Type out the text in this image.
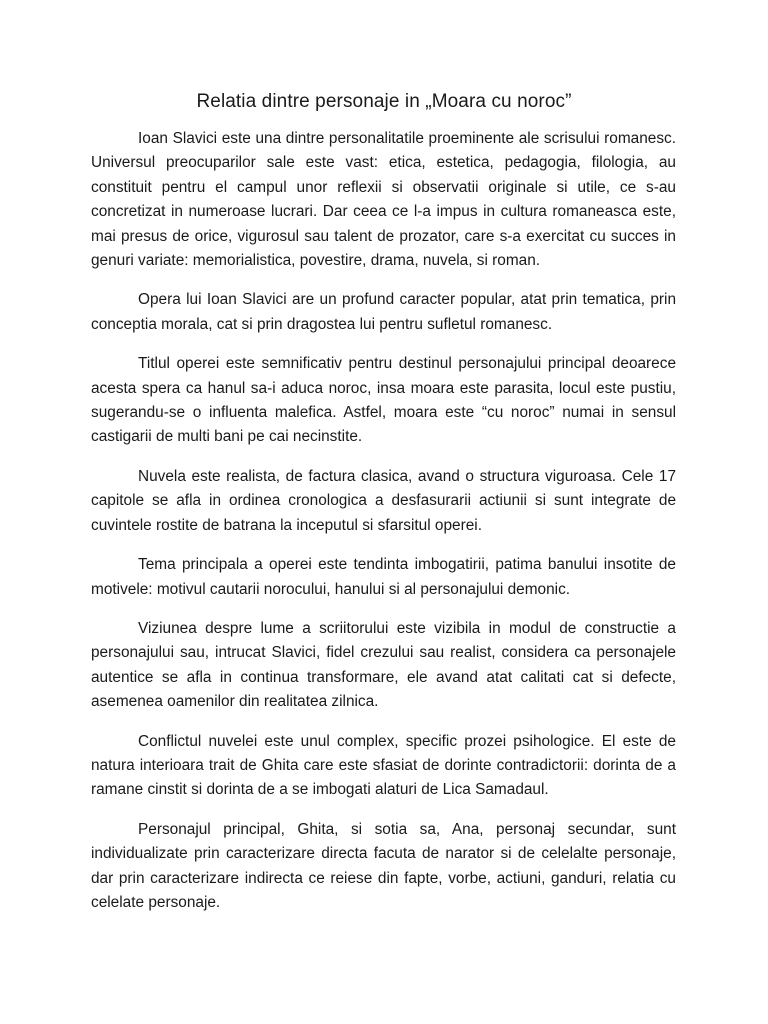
Relatia dintre personaje in „Moara cu noroc”

Ioan Slavici este una dintre personalitatile proeminente ale scrisului romanesc. Universul preocuparilor sale este vast: etica, estetica, pedagogia, filologia, au constituit pentru el campul unor reflexii si observatii originale si utile, ce s-au concretizat in numeroase lucrari. Dar ceea ce l-a impus in cultura romaneasca este, mai presus de orice, vigurosul sau talent de prozator, care s-a exercitat cu succes in genuri variate: memorialistica, povestire, drama, nuvela, si roman.

Opera lui Ioan Slavici are un profund caracter popular, atat prin tematica, prin conceptia morala, cat si prin dragostea lui pentru sufletul romanesc.

Titlul operei este semnificativ pentru destinul personajului principal deoarece acesta spera ca hanul sa-i aduca noroc, insa moara este parasita, locul este pustiu, sugerandu-se o influenta malefica. Astfel, moara este “cu noroc” numai in sensul castigarii de multi bani pe cai necinstite.

Nuvela este realista, de factura clasica, avand o structura viguroasa. Cele 17 capitole se afla in ordinea cronologica a desfasurarii actiunii si sunt integrate de cuvintele rostite de batrana la inceputul si sfarsitul operei.

Tema principala a operei este tendinta imbogatirii, patima banului insotite de motivele: motivul cautarii norocului, hanului si al personajului demonic.

Viziunea despre lume a scriitorului este vizibila in modul de constructie a personajului sau, intrucat Slavici, fidel crezului sau realist, considera ca personajele autentice se afla in continua transformare, ele avand atat calitati cat si defecte, asemenea oamenilor din realitatea zilnica.

Conflictul nuvelei este unul complex, specific prozei psihologice. El este de natura interioara trait de Ghita care este sfasiat de dorinte contradictorii: dorinta de a ramane cinstit si dorinta de a se imbogati alaturi de Lica Samadaul.

Personajul principal, Ghita, si sotia sa, Ana, personaj secundar, sunt individualizate prin caracterizare directa facuta de narator si de celelalte personaje, dar prin caracterizare indirecta ce reiese din fapte, vorbe, actiuni, ganduri, relatia cu celelate personaje.
